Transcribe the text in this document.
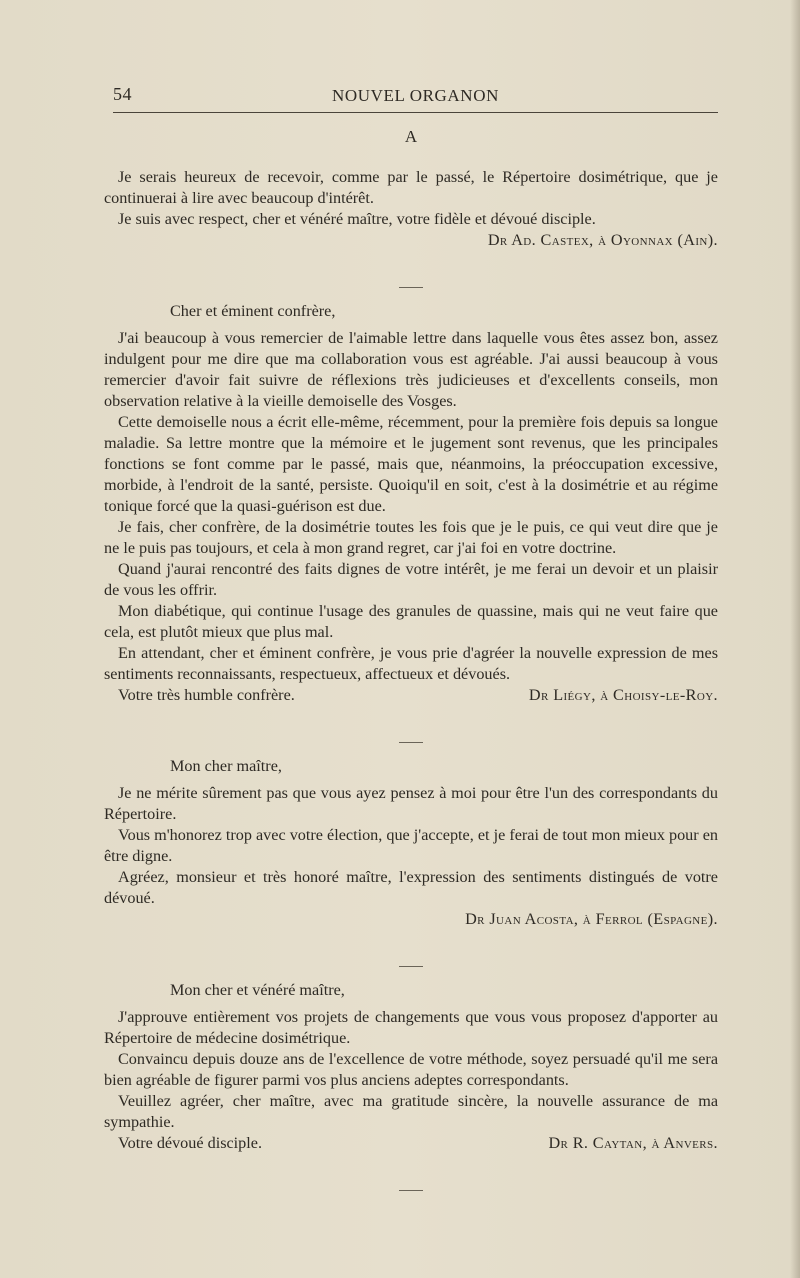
54	NOUVEL ORGANON
A

Je serais heureux de recevoir, comme par le passé, le Répertoire dosimétrique, que je continuerai à lire avec beaucoup d'intérêt.

Je suis avec respect, cher et vénéré maître, votre fidèle et dévoué disciple.

Dr Ad. Castex, à Oyonnax (Ain).

Cher et éminent confrère,

J'ai beaucoup à vous remercier de l'aimable lettre dans laquelle vous êtes assez bon, assez indulgent pour me dire que ma collaboration vous est agréable. J'ai aussi beaucoup à vous remercier d'avoir fait suivre de réflexions très judicieuses et d'excellents conseils, mon observation relative à la vieille demoiselle des Vosges.

Cette demoiselle nous a écrit elle-même, récemment, pour la première fois depuis sa longue maladie. Sa lettre montre que la mémoire et le jugement sont revenus, que les principales fonctions se font comme par le passé, mais que, néanmoins, la préoccupation excessive, morbide, à l'endroit de la santé, persiste. Quoiqu'il en soit, c'est à la dosimétrie et au régime tonique forcé que la quasi-guérison est due.

Je fais, cher confrère, de la dosimétrie toutes les fois que je le puis, ce qui veut dire que je ne le puis pas toujours, et cela à mon grand regret, car j'ai foi en votre doctrine.

Quand j'aurai rencontré des faits dignes de votre intérêt, je me ferai un devoir et un plaisir de vous les offrir.

Mon diabétique, qui continue l'usage des granules de quassine, mais qui ne veut faire que cela, est plutôt mieux que plus mal.

En attendant, cher et éminent confrère, je vous prie d'agréer la nouvelle expression de mes sentiments reconnaissants, respectueux, affectueux et dévoués.

Votre très humble confrère.	Dr Liégy, à Choisy-le-Roy.

Mon cher maître,

Je ne mérite sûrement pas que vous ayez pensez à moi pour être l'un des correspondants du Répertoire.

Vous m'honorez trop avec votre élection, que j'accepte, et je ferai de tout mon mieux pour en être digne.

Agréez, monsieur et très honoré maître, l'expression des sentiments distingués de votre dévoué.

Dr Juan Acosta, à Ferrol (Espagne).

Mon cher et vénéré maître,

J'approuve entièrement vos projets de changements que vous vous proposez d'apporter au Répertoire de médecine dosimétrique.

Convaincu depuis douze ans de l'excellence de votre méthode, soyez persuadé qu'il me sera bien agréable de figurer parmi vos plus anciens adeptes correspondants.

Veuillez agréer, cher maître, avec ma gratitude sincère, la nouvelle assurance de ma sympathie.

Votre dévoué disciple.	Dr R. Caytan, à Anvers.
